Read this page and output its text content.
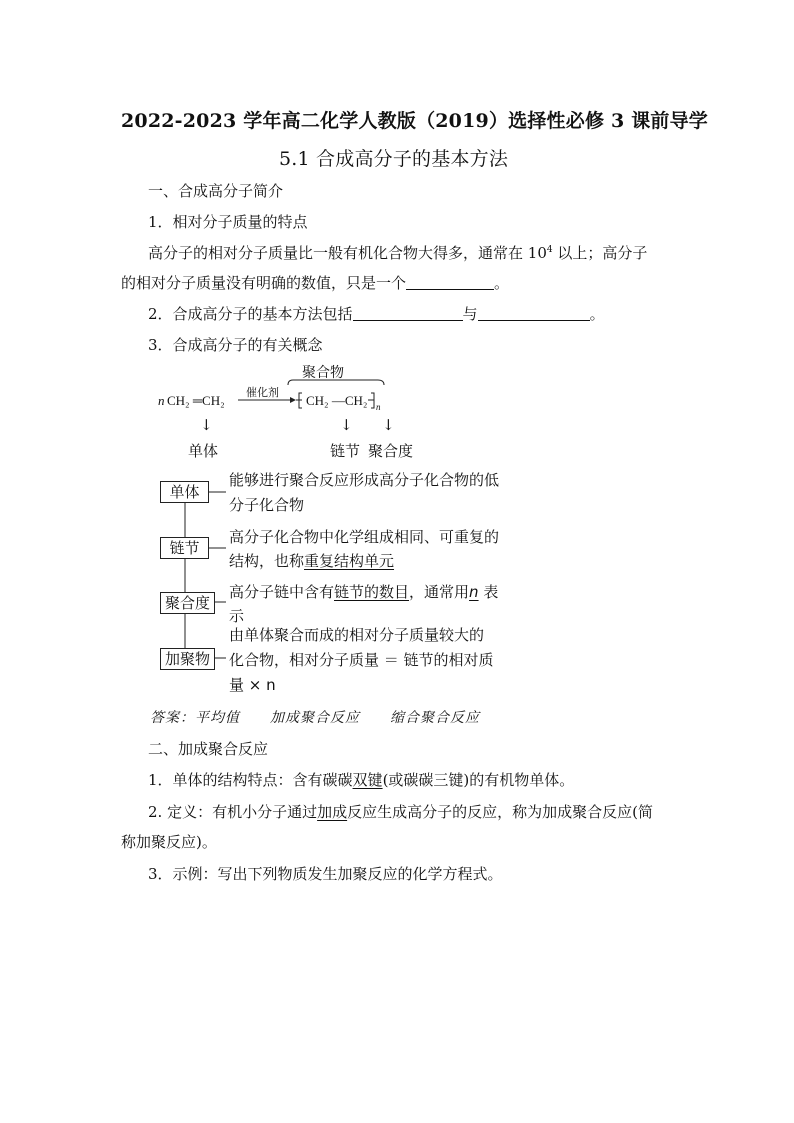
2022-2023 学年高二化学人教版（2019）选择性必修 3 课前导学
5.1 合成高分子的基本方法
一、合成高分子简介
1．相对分子质量的特点
高分子的相对分子质量比一般有机化合物大得多，通常在 $10^4$ 以上；高分子
的相对分子质量没有明确的数值，只是一个	。
2．合成高分子的基本方法包括	与	。
3．合成高分子的有关概念
聚合物
催化剂
n CH₂ ═CH₂	CH₂ —CH₂ n
↓	↓ ↓
单体	链节 聚合度
单体
能够进行聚合反应形成高分子化合物的低
分子化合物
链节
高分子化合物中化学组成相同、可重复的
结构，也称重复结构单元
聚合度
高分子链中含有链节的数目，通常用n 表
示
加聚物
由单体聚合而成的相对分子质量较大的
化合物，相对分子质量 ＝ 链节的相对质
量 × n
答案：平均值　　加成聚合反应　　缩合聚合反应
二、加成聚合反应
1．单体的结构特点：含有碳碳双键(或碳碳三键)的有机物单体。
2. 定义：有机小分子通过加成反应生成高分子的反应，称为加成聚合反应(简
称加聚反应)。
3．示例：写出下列物质发生加聚反应的化学方程式。
